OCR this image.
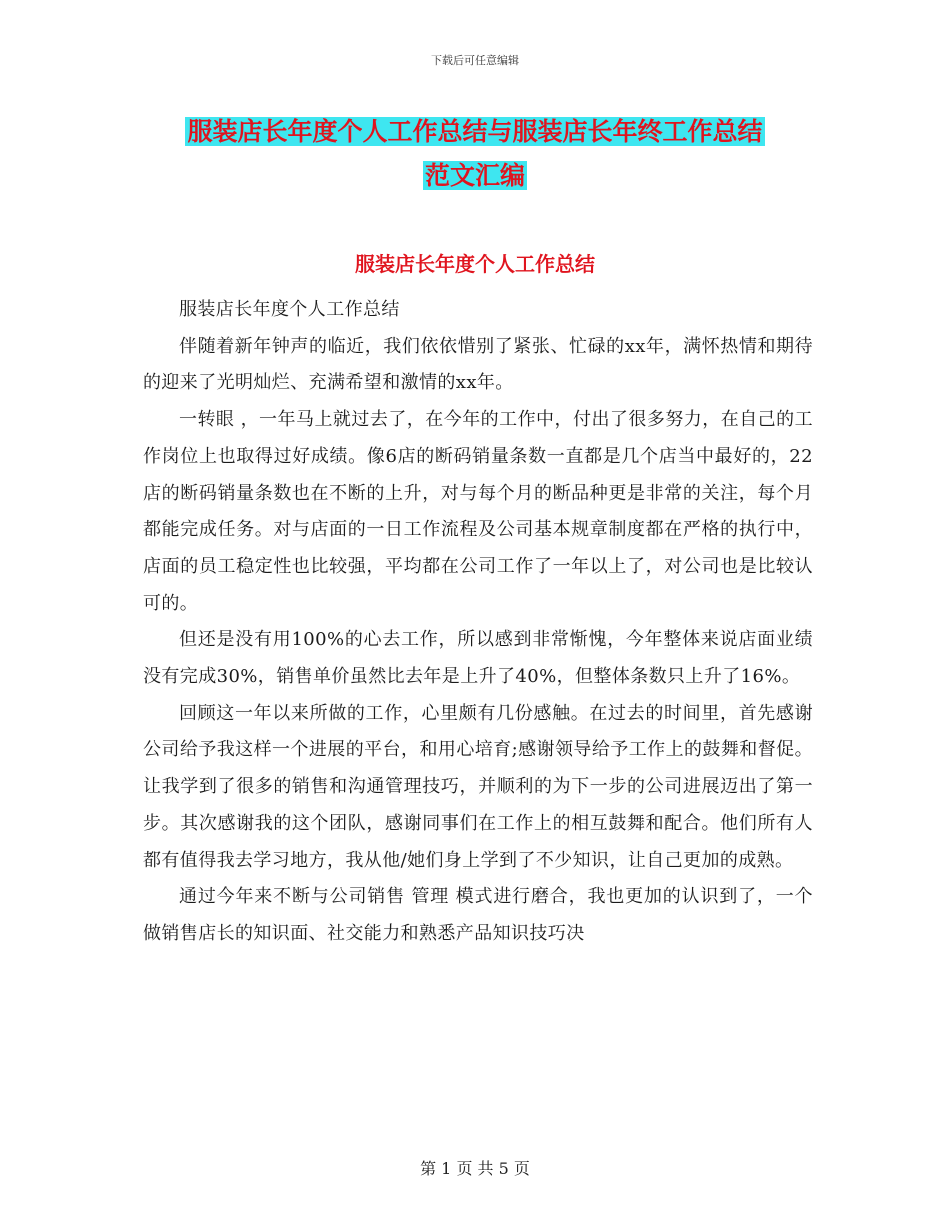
下载后可任意编辑
服装店长年度个人工作总结与服装店长年终工作总结
范文汇编
服装店长年度个人工作总结

服装店长年度个人工作总结

伴随着新年钟声的临近，我们依依惜别了紧张、忙碌的xx年，满怀热情和期待的迎来了光明灿烂、充满希望和激情的xx年。

一转眼 ，一年马上就过去了，在今年的工作中，付出了很多努力，在自己的工作岗位上也取得过好成绩。像6店的断码销量条数一直都是几个店当中最好的，22店的断码销量条数也在不断的上升，对与每个月的断品种更是非常的关注，每个月都能完成任务。对与店面的一日工作流程及公司基本规章制度都在严格的执行中，店面的员工稳定性也比较强，平均都在公司工作了一年以上了，对公司也是比较认可的。

但还是没有用100%的心去工作，所以感到非常惭愧，今年整体来说店面业绩没有完成30%，销售单价虽然比去年是上升了40%，但整体条数只上升了16%。

回顾这一年以来所做的工作，心里颇有几份感触。在过去的时间里，首先感谢公司给予我这样一个进展的平台，和用心培育;感谢领导给予工作上的鼓舞和督促。让我学到了很多的销售和沟通管理技巧，并顺利的为下一步的公司进展迈出了第一步。其次感谢我的这个团队，感谢同事们在工作上的相互鼓舞和配合。他们所有人都有值得我去学习地方，我从他/她们身上学到了不少知识，让自己更加的成熟。

通过今年来不断与公司销售 管理 模式进行磨合，我也更加的认识到了，一个做销售店长的知识面、社交能力和熟悉产品知识技巧决

第 1 页 共 5 页
